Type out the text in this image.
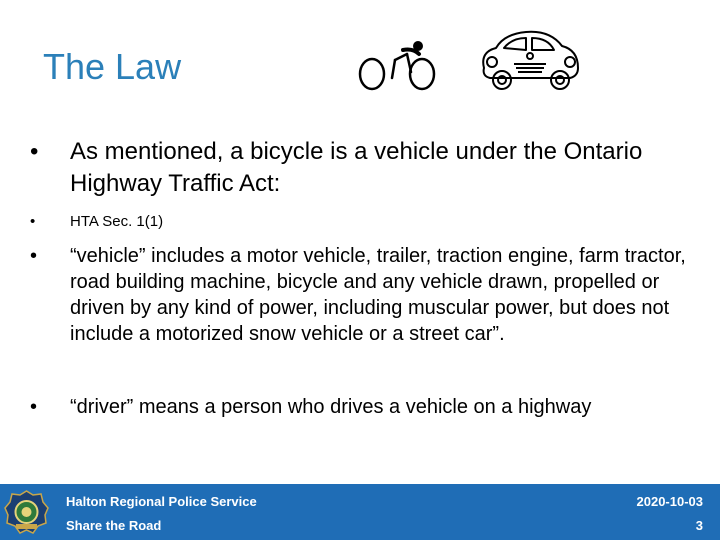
The Law
•	As mentioned, a bicycle is a vehicle under the Ontario Highway Traffic Act:
•	HTA Sec. 1(1)
•	“vehicle” includes a motor vehicle, trailer, traction engine, farm tractor, road building machine, bicycle and any vehicle drawn, propelled or driven by any kind of power, including muscular power, but does not include a motorized snow vehicle or a street car”.
•	“driver” means a person who drives a vehicle on a highway
Halton Regional Police Service
Share the Road
2020-10-03
3
